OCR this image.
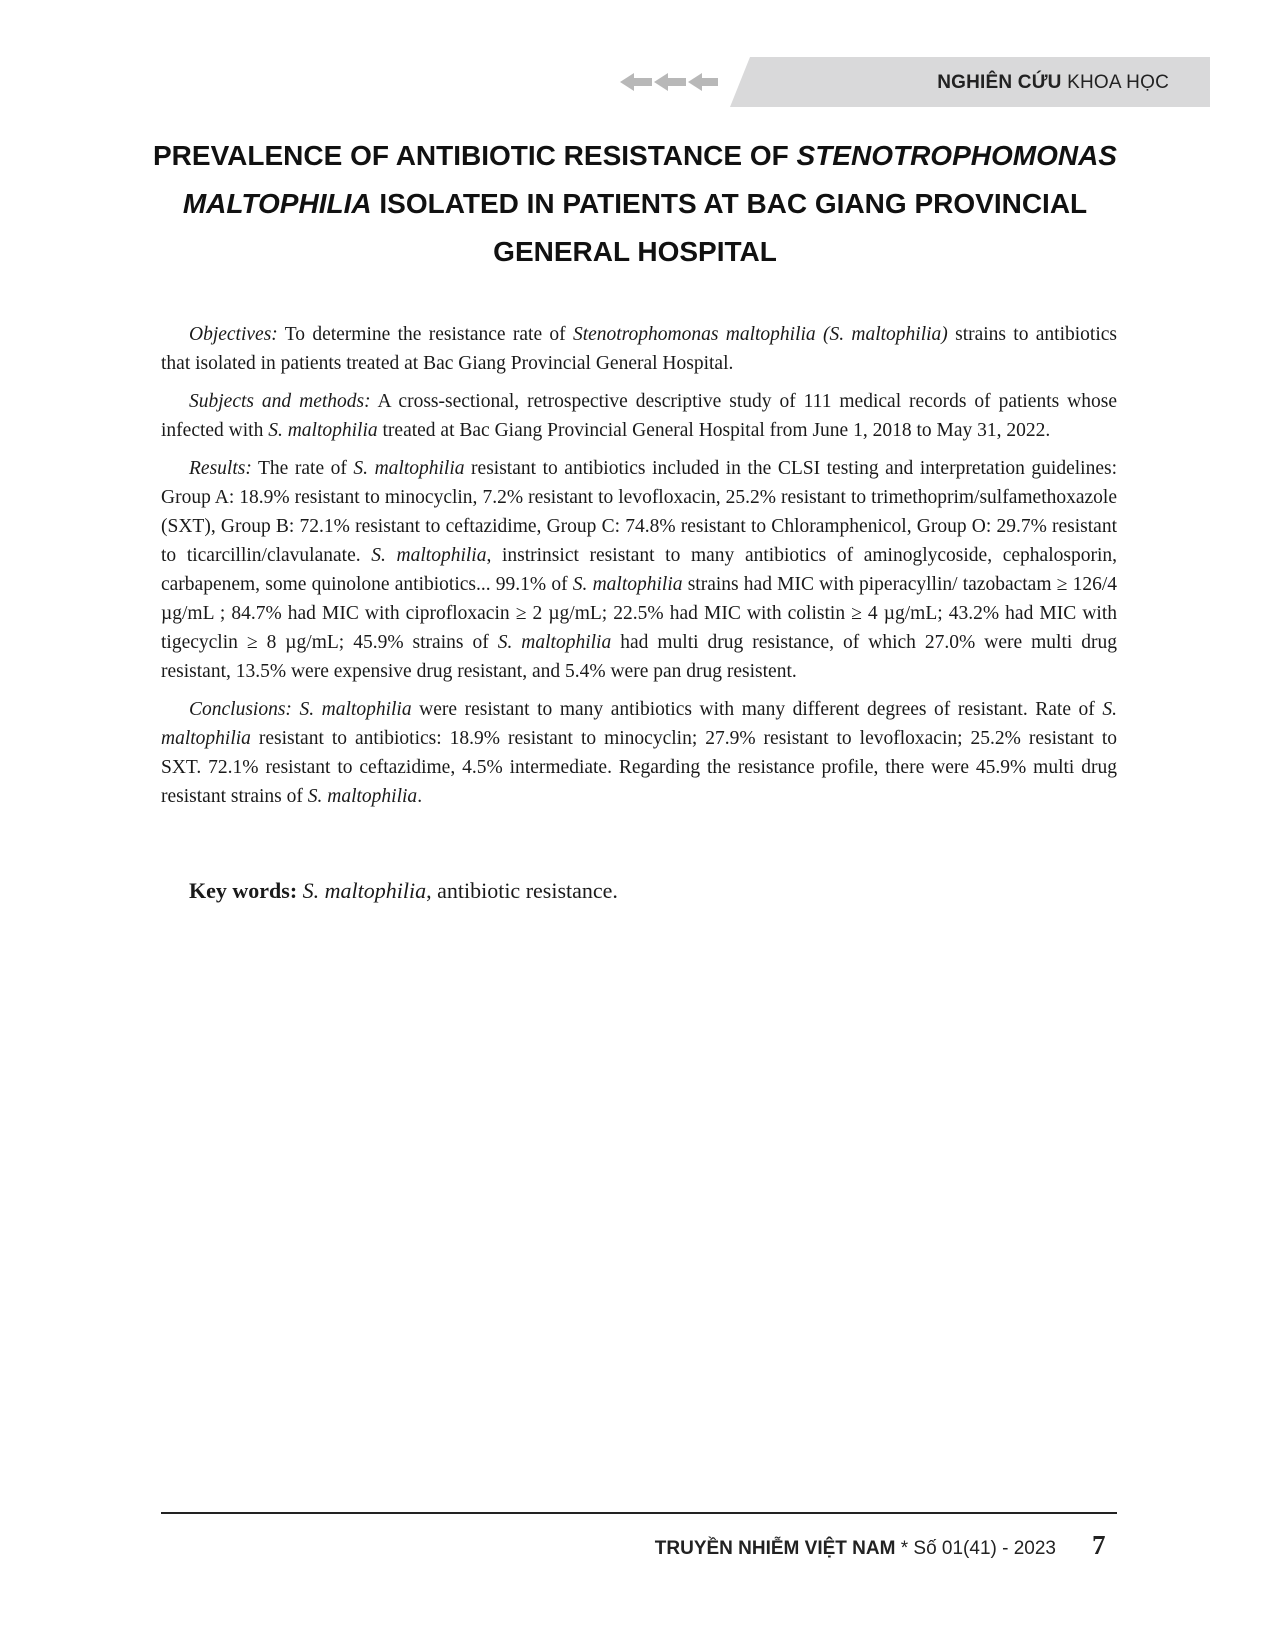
NGHIÊN CỨU KHOA HỌC
PREVALENCE OF ANTIBIOTIC RESISTANCE OF STENOTROPHOMONAS
MALTOPHILIA ISOLATED IN PATIENTS AT BAC GIANG PROVINCIAL
GENERAL HOSPITAL

Objectives: To determine the resistance rate of Stenotrophomonas maltophilia (S. maltophilia) strains to antibiotics that isolated in patients treated at Bac Giang Provincial General Hospital.

Subjects and methods: A cross-sectional, retrospective descriptive study of 111 medical records of patients whose infected with S. maltophilia treated at Bac Giang Provincial General Hospital from June 1, 2018 to May 31, 2022.

Results: The rate of S. maltophilia resistant to antibiotics included in the CLSI testing and interpretation guidelines: Group A: 18.9% resistant to minocyclin, 7.2% resistant to levofloxacin, 25.2% resistant to trimethoprim/sulfamethoxazole (SXT), Group B: 72.1% resistant to ceftazidime, Group C: 74.8% resistant to Chloramphenicol, Group O: 29.7% resistant to ticarcillin/clavulanate. S. maltophilia, instrinsict resistant to many antibiotics of aminoglycoside, cephalosporin, carbapenem, some quinolone antibiotics... 99.1% of S. maltophilia strains had MIC with piperacyllin/ tazobactam ≥ 126/4 µg/mL ; 84.7% had MIC with ciprofloxacin ≥ 2 µg/mL; 22.5% had MIC with colistin ≥ 4 µg/mL; 43.2% had MIC with tigecyclin ≥ 8 µg/mL; 45.9% strains of S. maltophilia had multi drug resistance, of which 27.0% were multi drug resistant, 13.5% were expensive drug resistant, and 5.4% were pan drug resistent.

Conclusions: S. maltophilia were resistant to many antibiotics with many different degrees of resistant. Rate of S. maltophilia resistant to antibiotics: 18.9% resistant to minocyclin; 27.9% resistant to levofloxacin; 25.2% resistant to SXT. 72.1% resistant to ceftazidime, 4.5% intermediate. Regarding the resistance profile, there were 45.9% multi drug resistant strains of S. maltophilia.

Key words: S. maltophilia, antibiotic resistance.
TRUYỀN NHIỄM VIỆT NAM * Số 01(41) - 2023 7
